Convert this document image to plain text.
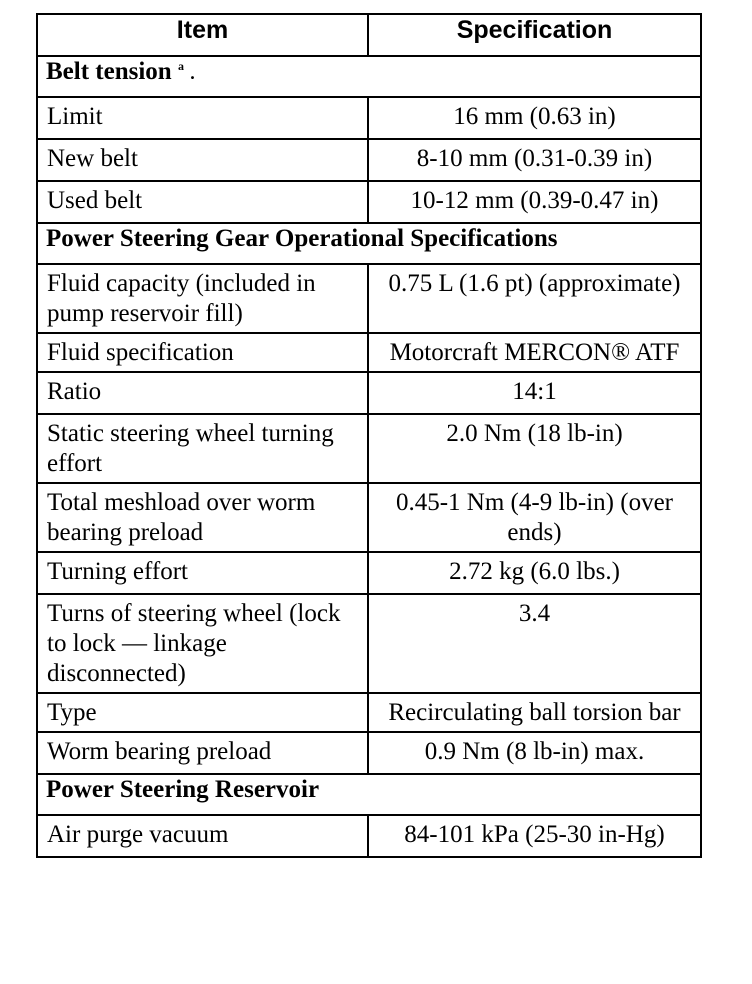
Item	Specification
Belt tension $^a$ .	
Limit	16 mm (0.63 in)
New belt	8-10 mm (0.31-0.39 in)
Used belt	10-12 mm (0.39-0.47 in)
Power Steering Gear Operational Specifications	
Fluid capacity (included in pump reservoir fill)	0.75 L (1.6 pt) (approximate)
Fluid specification	Motorcraft MERCON® ATF
Ratio	14:1
Static steering wheel turning effort	2.0 Nm (18 lb-in)
Total meshload over worm bearing preload	0.45-1 Nm (4-9 lb-in) (over ends)
Turning effort	2.72 kg (6.0 lbs.)
Turns of steering wheel (lock to lock — linkage disconnected)	3.4
Type	Recirculating ball torsion bar
Worm bearing preload	0.9 Nm (8 lb-in) max.
Power Steering Reservoir	
Air purge vacuum	84-101 kPa (25-30 in-Hg)
